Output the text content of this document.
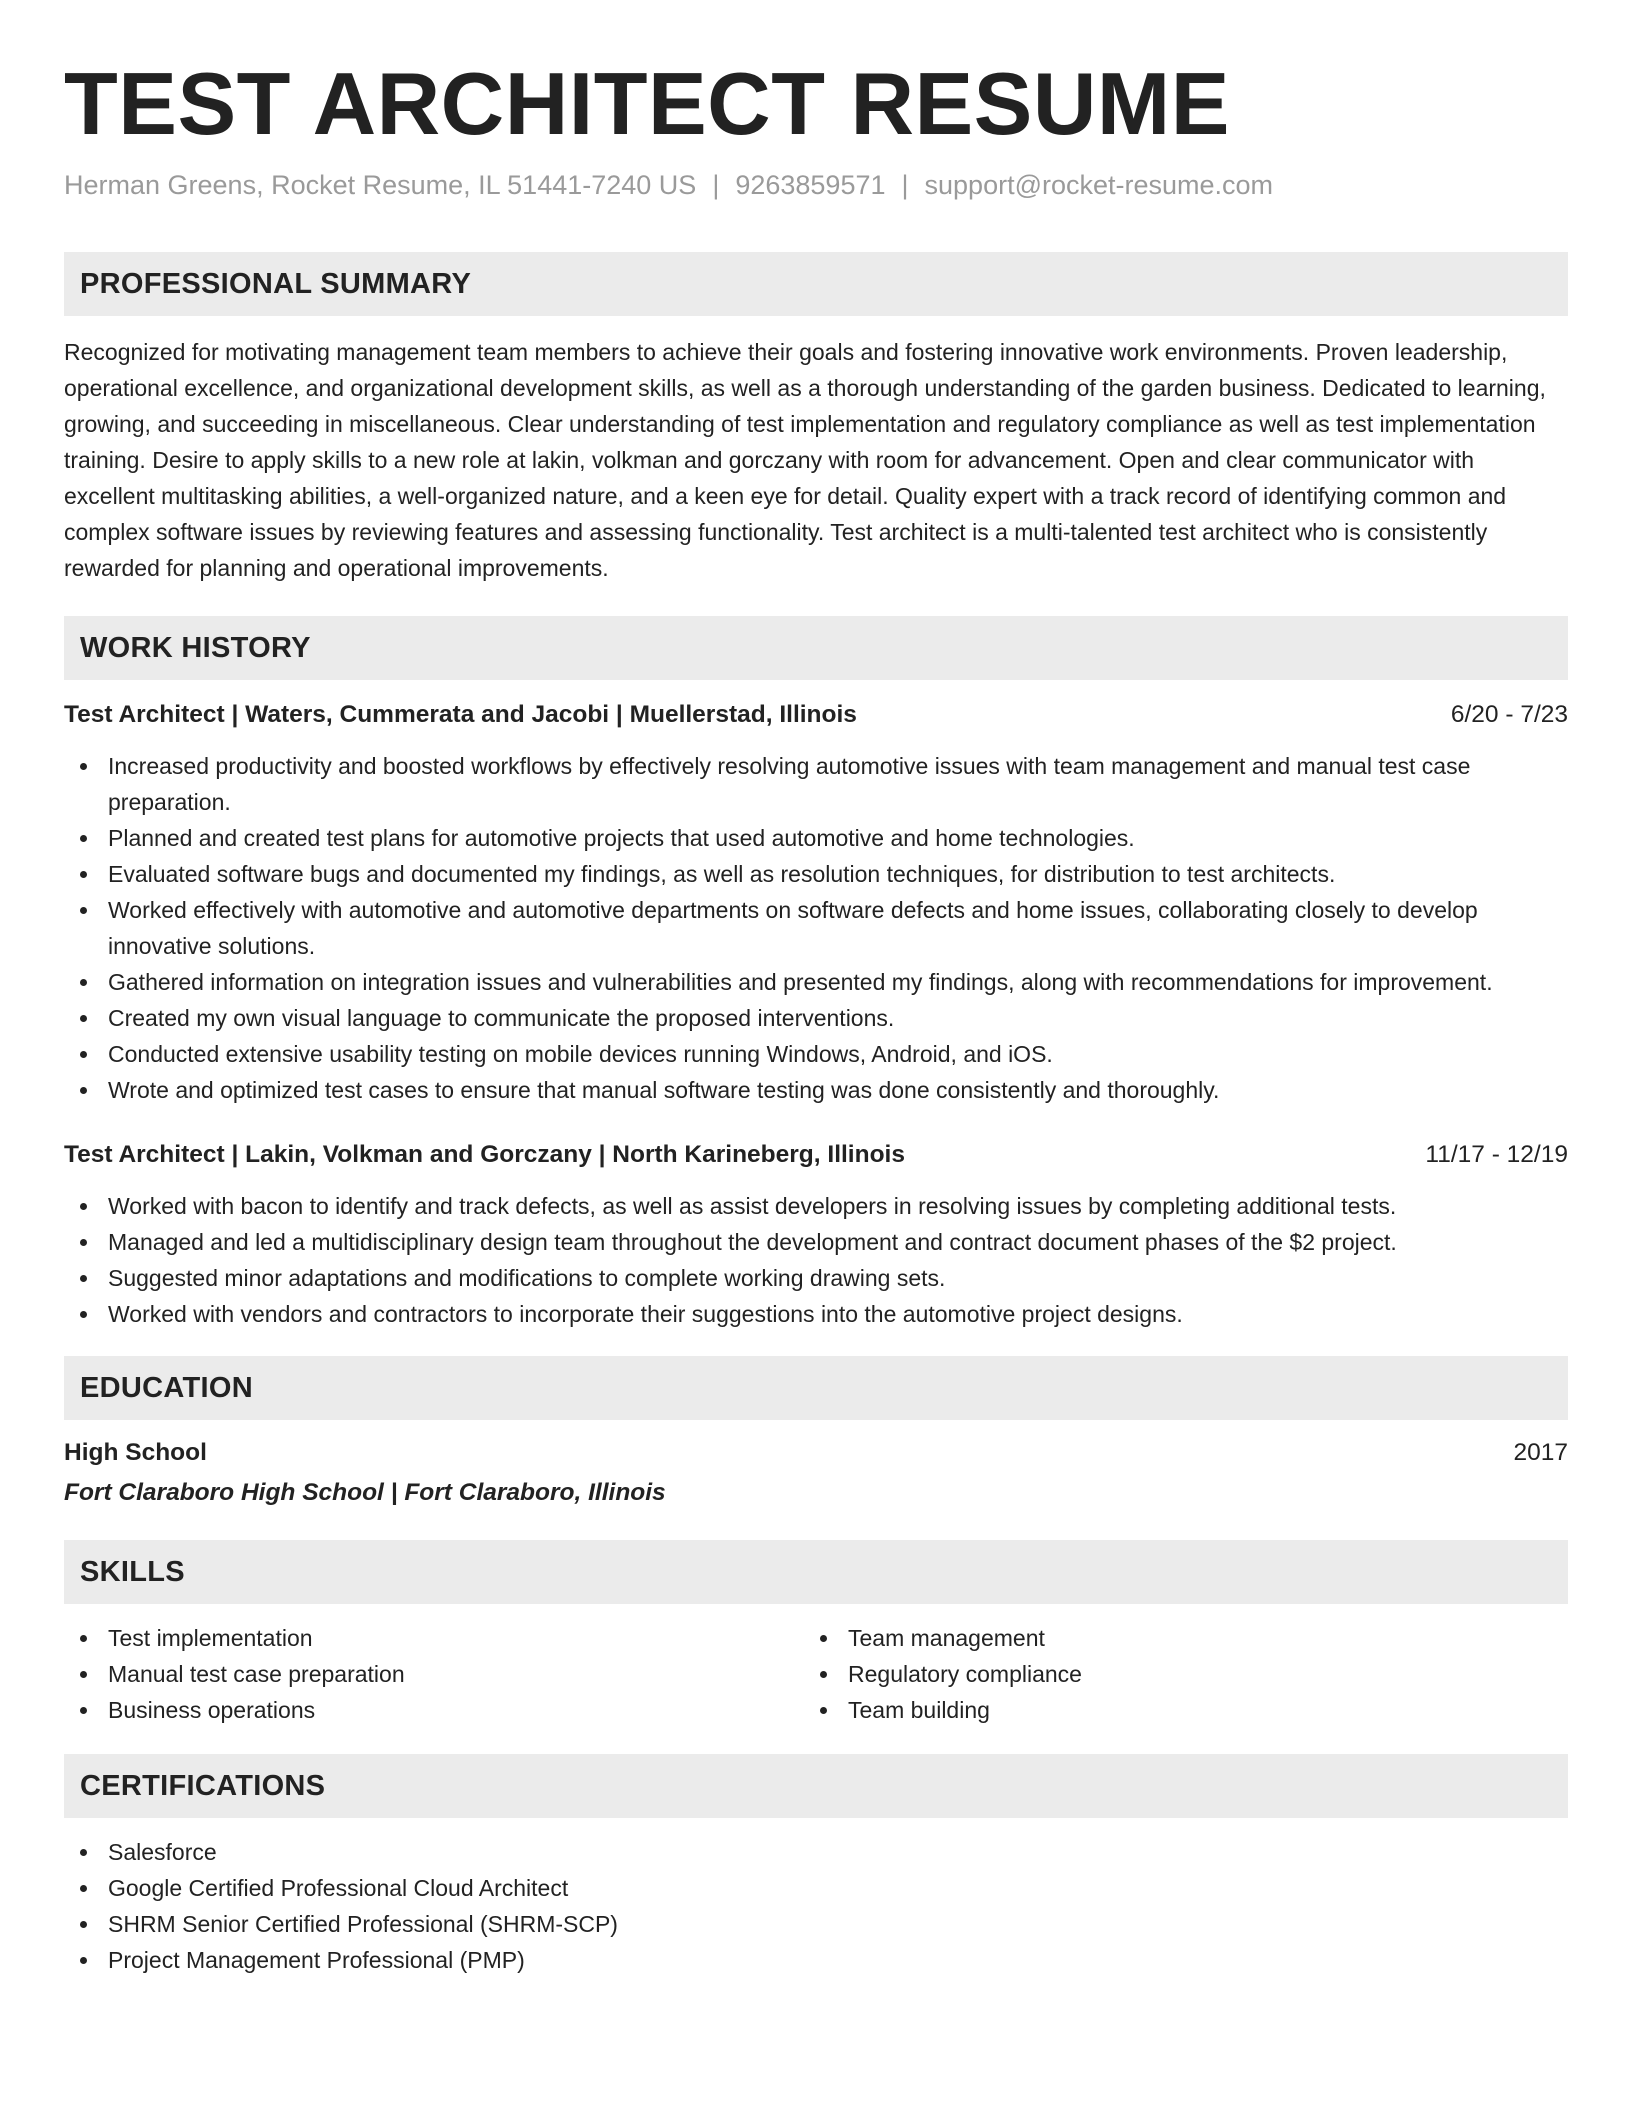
TEST ARCHITECT RESUME
Herman Greens, Rocket Resume, IL 51441-7240 US | 9263859571 | support@rocket-resume.com
PROFESSIONAL SUMMARY

Recognized for motivating management team members to achieve their goals and fostering innovative work environments. Proven leadership, operational excellence, and organizational development skills, as well as a thorough understanding of the garden business. Dedicated to learning, growing, and succeeding in miscellaneous. Clear understanding of test implementation and regulatory compliance as well as test implementation training. Desire to apply skills to a new role at lakin, volkman and gorczany with room for advancement. Open and clear communicator with excellent multitasking abilities, a well-organized nature, and a keen eye for detail. Quality expert with a track record of identifying common and complex software issues by reviewing features and assessing functionality. Test architect is a multi-talented test architect who is consistently rewarded for planning and operational improvements.

WORK HISTORY
Test Architect | Waters, Cummerata and Jacobi | Muellerstad, Illinois	6/20 - 7/23
Increased productivity and boosted workflows by effectively resolving automotive issues with team management and manual test case preparation.
Planned and created test plans for automotive projects that used automotive and home technologies.
Evaluated software bugs and documented my findings, as well as resolution techniques, for distribution to test architects.
Worked effectively with automotive and automotive departments on software defects and home issues, collaborating closely to develop innovative solutions.
Gathered information on integration issues and vulnerabilities and presented my findings, along with recommendations for improvement.
Created my own visual language to communicate the proposed interventions.
Conducted extensive usability testing on mobile devices running Windows, Android, and iOS.
Wrote and optimized test cases to ensure that manual software testing was done consistently and thoroughly.
Test Architect | Lakin, Volkman and Gorczany | North Karineberg, Illinois	11/17 - 12/19
Worked with bacon to identify and track defects, as well as assist developers in resolving issues by completing additional tests.
Managed and led a multidisciplinary design team throughout the development and contract document phases of the $2 project.
Suggested minor adaptations and modifications to complete working drawing sets.
Worked with vendors and contractors to incorporate their suggestions into the automotive project designs.
EDUCATION
High School	2017
Fort Claraboro High School | Fort Claraboro, Illinois
SKILLS
Test implementation
Manual test case preparation
Business operations
Team management
Regulatory compliance
Team building
CERTIFICATIONS
Salesforce
Google Certified Professional Cloud Architect
SHRM Senior Certified Professional (SHRM-SCP)
Project Management Professional (PMP)
